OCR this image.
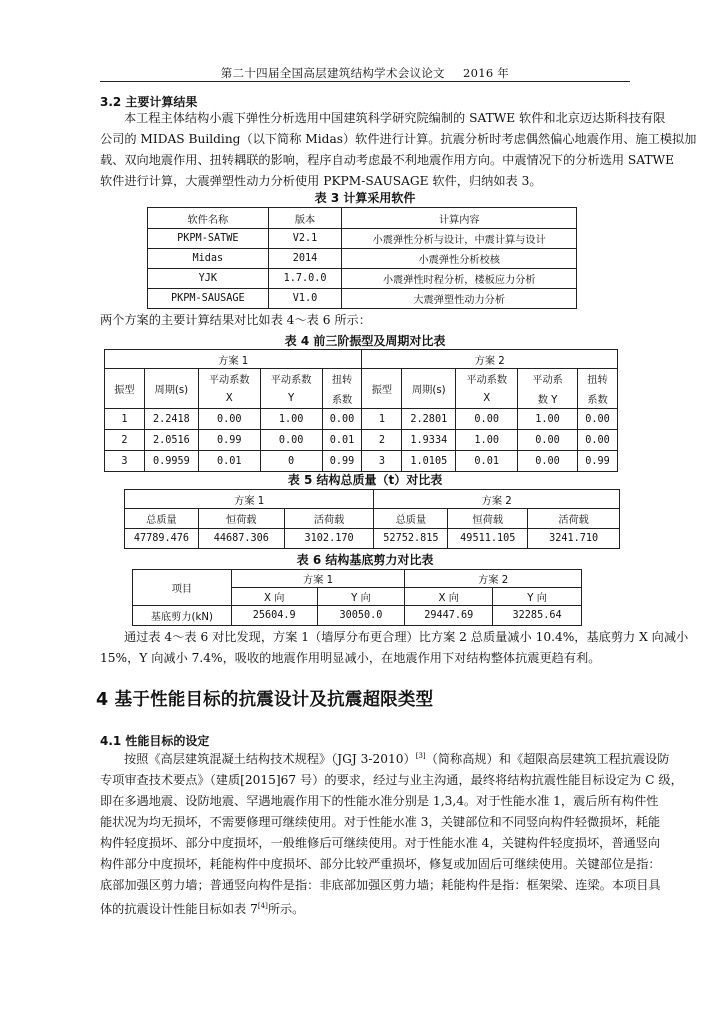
第二十四届全国高层建筑结构学术会议论文 2016 年
3.2 主要计算结果
本工程主体结构小震下弹性分析选用中国建筑科学研究院编制的 SATWE 软件和北京迈达斯科技有限
公司的 MIDAS Building（以下简称 Midas）软件进行计算。抗震分析时考虑偶然偏心地震作用、施工模拟加
载、双向地震作用、扭转耦联的影响，程序自动考虑最不利地震作用方向。中震情况下的分析选用 SATWE
软件进行计算，大震弹塑性动力分析使用 PKPM-SAUSAGE 软件，归纳如表 3。
表 3 计算采用软件
软件名称	版本	计算内容
PKPM-SATWE	V2.1	小震弹性分析与设计，中震计算与设计
Midas	2014	小震弹性分析校核
YJK	1.7.0.0	小震弹性时程分析，楼板应力分析
PKPM-SAUSAGE	V1.0	大震弹塑性动力分析
两个方案的主要计算结果对比如表 4～表 6 所示：
表 4 前三阶振型及周期对比表
方案 1					方案 2				
振型	周期(s)	平动系数	平动系数	扭转	振型	周期(s)	平动系数	平动系	扭转
		X	Y	系数			X	数 Y	系数
1	2.2418	0.00	1.00	0.00	1	2.2801	0.00	1.00	0.00
2	2.0516	0.99	0.00	0.01	2	1.9334	1.00	0.00	0.00
3	0.9959	0.01	0	0.99	3	1.0105	0.01	0.00	0.99
表 5 结构总质量（t）对比表
方案 1			方案 2		
总质量	恒荷载	活荷载	总质量	恒荷载	活荷载
47789.476	44687.306	3102.170	52752.815	49511.105	3241.710
表 6 结构基底剪力对比表
项目	方案 1		方案 2	
	X 向	Y 向	X 向	Y 向
基底剪力(kN)	25604.9	30050.0	29447.69	32285.64
通过表 4～表 6 对比发现，方案 1（墙厚分布更合理）比方案 2 总质量减小 10.4%，基底剪力 X 向减小
15%，Y 向减小 7.4%，吸收的地震作用明显减小，在地震作用下对结构整体抗震更趋有利。
4 基于性能目标的抗震设计及抗震超限类型
4.1 性能目标的设定
按照《高层建筑混凝土结构技术规程》（JGJ 3-2010）[3]（简称高规）和《超限高层建筑工程抗震设防
专项审查技术要点》（建质[2015]67 号）的要求，经过与业主沟通，最终将结构抗震性能目标设定为 C 级，
即在多遇地震、设防地震、罕遇地震作用下的性能水准分别是 1,3,4。对于性能水准 1，震后所有构件性
能状况为均无损坏，不需要修理可继续使用。对于性能水准 3，关键部位和不同竖向构件轻微损坏，耗能
构件轻度损坏、部分中度损坏，一般维修后可继续使用。对于性能水准 4，关键构件轻度损坏，普通竖向
构件部分中度损坏，耗能构件中度损坏、部分比较严重损坏，修复或加固后可继续使用。关键部位是指：
底部加强区剪力墙；普通竖向构件是指：非底部加强区剪力墙；耗能构件是指：框架梁、连梁。本项目具
体的抗震设计性能目标如表 7[4]所示。
